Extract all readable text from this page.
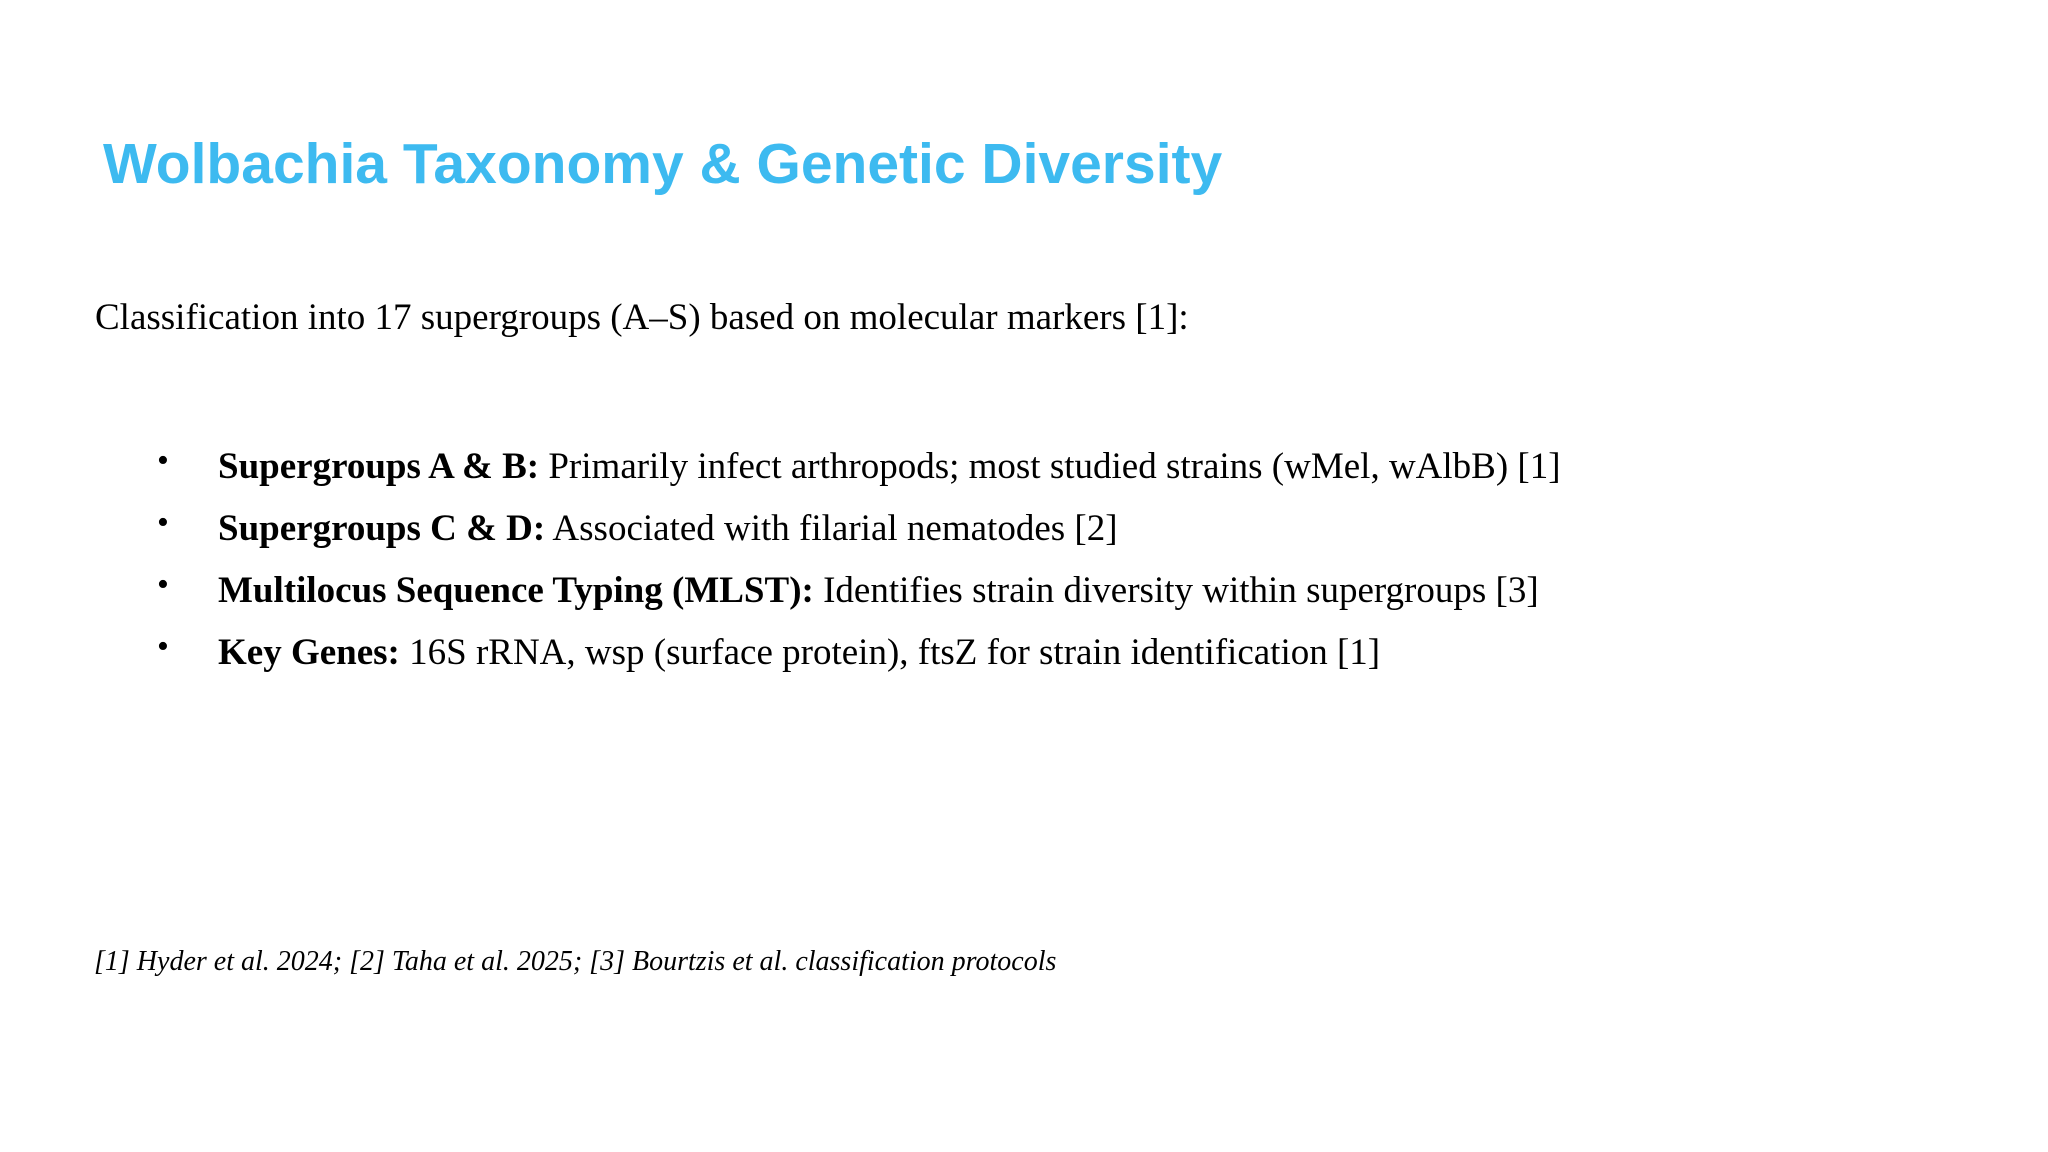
Wolbachia Taxonomy & Genetic Diversity
Classification into 17 supergroups (A–S) based on molecular markers [1]:
• Supergroups A & B: Primarily infect arthropods; most studied strains (wMel, wAlbB) [1]
• Supergroups C & D: Associated with filarial nematodes [2]
• Multilocus Sequence Typing (MLST): Identifies strain diversity within supergroups [3]
• Key Genes: 16S rRNA, wsp (surface protein), ftsZ for strain identification [1]
[1] Hyder et al. 2024; [2] Taha et al. 2025; [3] Bourtzis et al. classification protocols
